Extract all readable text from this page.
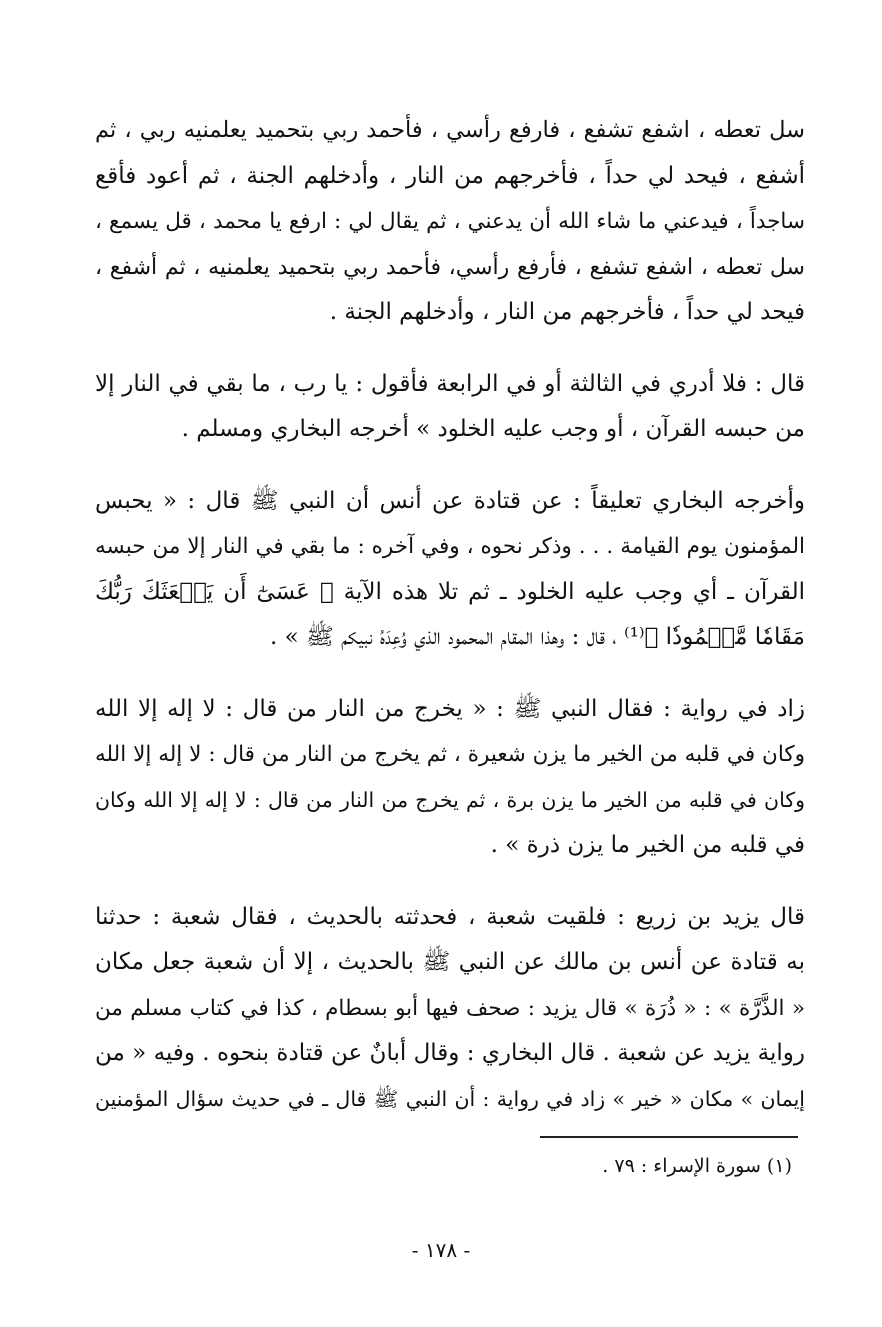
سل تعطه ، اشفع تشفع ، فارفع رأسي ، فأحمد ربي بتحميد يعلمنيه ربي ، ثم
أشفع ، فيحد لي حداً ، فأخرجهم من النار ، وأدخلهم الجنة ، ثم أعود فأقع
ساجداً ، فيدعني ما شاء الله أن يدعني ، ثم يقال لي : ارفع يا محمد ، قل يسمع ،
سل تعطه ، اشفع تشفع ، فأرفع رأسي، فأحمد ربي بتحميد يعلمنيه ، ثم أشفع ،
فيحد لي حداً ، فأخرجهم من النار ، وأدخلهم الجنة .
قال : فلا أدري في الثالثة أو في الرابعة فأقول : يا رب ، ما بقي في النار إلا
من حبسه القرآن ، أو وجب عليه الخلود » أخرجه البخاري ومسلم .
وأخرجه البخاري تعليقاً : عن قتادة عن أنس أن النبي ﷺ قال : « يحبس
المؤمنون يوم القيامة . . . وذكر نحوه ، وفي آخره : ما بقي في النار إلا من حبسه
القرآن ـ أي وجب عليه الخلود ـ ثم تلا هذه الآية ﴿ عَسَىٰٓ أَن يَبۡعَثَكَ رَبُّكَ
مَقَامٗا مَّحۡمُودٗا ﴾⁽¹⁾ ، قال : وهذا المقام المحمود الذي وُعِدَهُ نبيكم ﷺ » .
زاد في رواية : فقال النبي ﷺ : « يخرج من النار من قال : لا إله إلا الله
وكان في قلبه من الخير ما يزن شعيرة ، ثم يخرج من النار من قال : لا إله إلا الله
وكان في قلبه من الخير ما يزن برة ، ثم يخرج من النار من قال : لا إله إلا الله وكان
في قلبه من الخير ما يزن ذرة » .
قال يزيد بن زريع : فلقيت شعبة ، فحدثته بالحديث ، فقال شعبة : حدثنا
به قتادة عن أنس بن مالك عن النبي ﷺ بالحديث ، إلا أن شعبة جعل مكان
« الذَّرَّة » : « ذُرَة » قال يزيد : صحف فيها أبو بسطام ، كذا في كتاب مسلم من
رواية يزيد عن شعبة . قال البخاري : وقال أبانٌ عن قتادة بنحوه . وفيه « من
إيمان » مكان « خير » زاد في رواية : أن النبي ﷺ قال ـ في حديث سؤال المؤمنين
(١) سورة الإسراء : ٧٩ .
- ١٧٨ -
